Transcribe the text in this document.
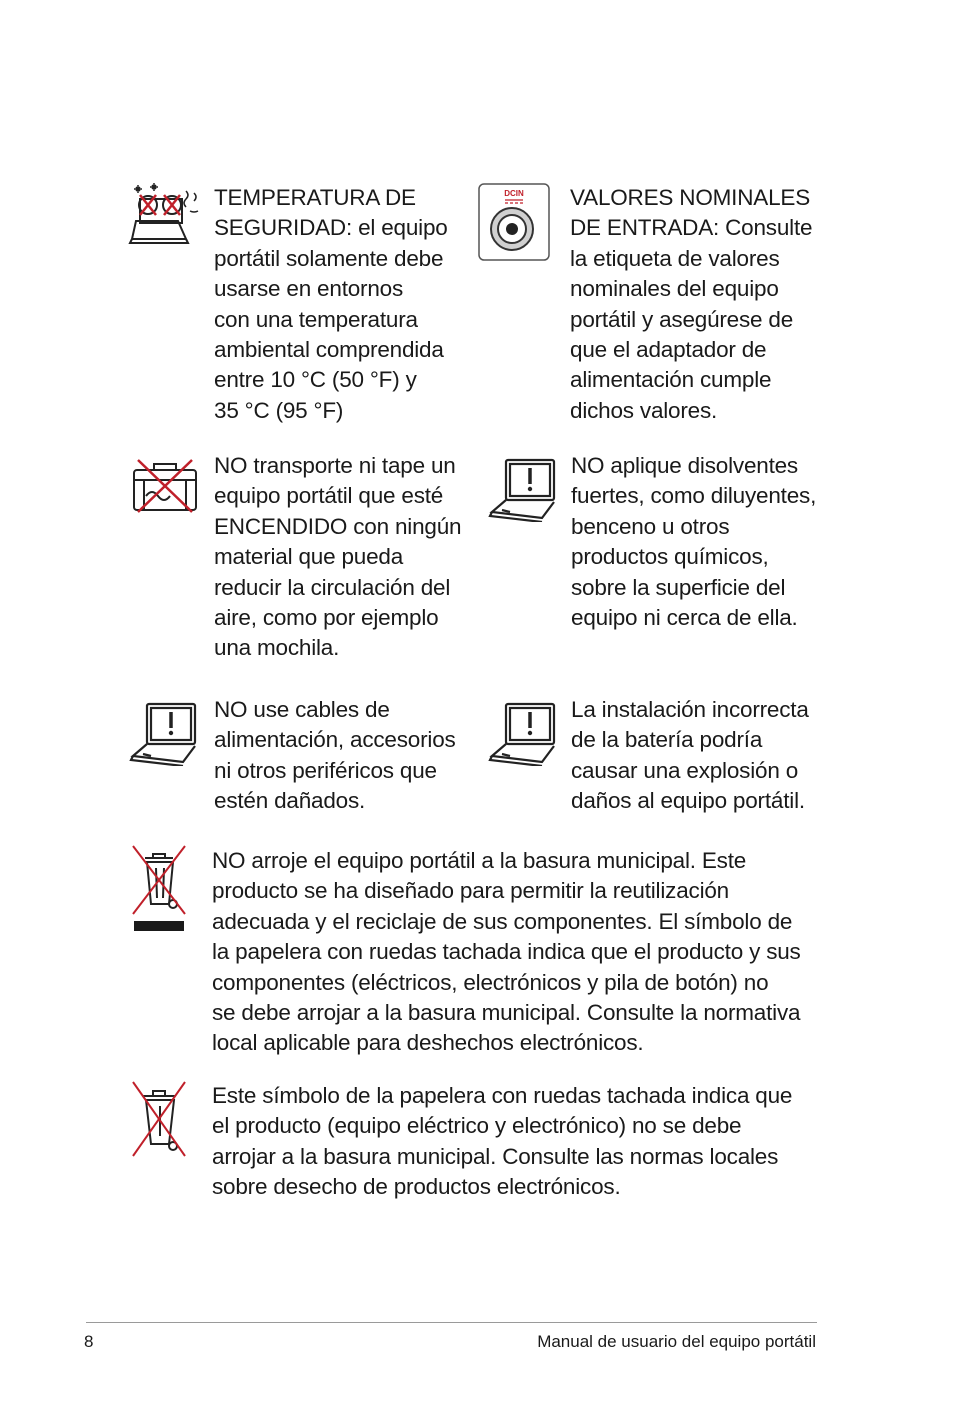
TEMPERATURA DE
SEGURIDAD: el equipo
portátil solamente debe
usarse en entornos
con una temperatura
ambiental comprendida
entre 10 °C (50 °F) y
35 °C (95 °F)
DCIN VALORES NOMINALES
DE ENTRADA: Consulte
la etiqueta de valores
nominales del equipo
portátil y asegúrese de
que el adaptador de
alimentación cumple
dichos valores.
NO transporte ni tape un
equipo portátil que esté
ENCENDIDO con ningún
material que pueda
reducir la circulación del
aire, como por ejemplo
una mochila.
NO aplique disolventes
fuertes, como diluyentes,
benceno u otros
productos químicos,
sobre la superficie del
equipo ni cerca de ella.
NO use cables de
alimentación, accesorios
ni otros periféricos que
estén dañados.
La instalación incorrecta
de la batería podría
causar una explosión o
daños al equipo portátil.
NO arroje el equipo portátil a la basura municipal. Este
producto se ha diseñado para permitir la reutilización
adecuada y el reciclaje de sus componentes. El símbolo de
la papelera con ruedas tachada indica que el producto y sus
componentes (eléctricos, electrónicos y pila de botón) no
se debe arrojar a la basura municipal. Consulte la normativa
local aplicable para deshechos electrónicos.
Este símbolo de la papelera con ruedas tachada indica que
el producto (equipo eléctrico y electrónico) no se debe
arrojar a la basura municipal. Consulte las normas locales
sobre desecho de productos electrónicos.
8	Manual de usuario del equipo portátil
